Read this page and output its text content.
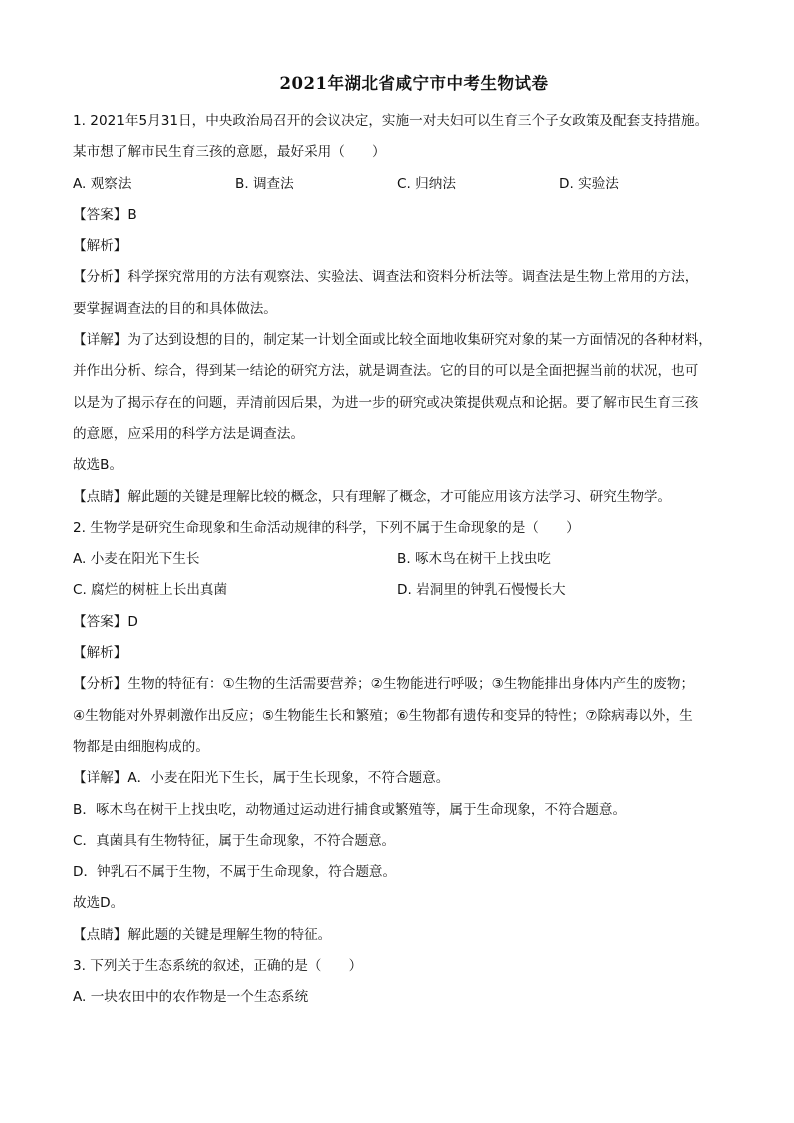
2021年湖北省咸宁市中考生物试卷
1. 2021年5月31日，中央政治局召开的会议决定，实施一对夫妇可以生育三个子女政策及配套支持措施。
某市想了解市民生育三孩的意愿，最好采用（　　）
A. 观察法	B. 调查法	C. 归纳法	D. 实验法
【答案】B
【解析】
【分析】科学探究常用的方法有观察法、实验法、调查法和资料分析法等。调查法是生物上常用的方法，
要掌握调查法的目的和具体做法。
【详解】为了达到设想的目的，制定某一计划全面或比较全面地收集研究对象的某一方面情况的各种材料，
并作出分析、综合，得到某一结论的研究方法，就是调查法。它的目的可以是全面把握当前的状况，也可
以是为了揭示存在的问题，弄清前因后果，为进一步的研究或决策提供观点和论据。要了解市民生育三孩
的意愿，应采用的科学方法是调查法。
故选B。
【点睛】解此题的关键是理解比较的概念，只有理解了概念，才可能应用该方法学习、研究生物学。
2. 生物学是研究生命现象和生命活动规律的科学，下列不属于生命现象的是（　　）
A. 小麦在阳光下生长	B. 啄木鸟在树干上找虫吃
C. 腐烂的树桩上长出真菌	D. 岩洞里的钟乳石慢慢长大
【答案】D
【解析】
【分析】生物的特征有：①生物的生活需要营养；②生物能进行呼吸；③生物能排出身体内产生的废物；
④生物能对外界刺激作出反应；⑤生物能生长和繁殖；⑥生物都有遗传和变异的特性；⑦除病毒以外，生
物都是由细胞构成的。
【详解】A．小麦在阳光下生长，属于生长现象，不符合题意。
B．啄木鸟在树干上找虫吃，动物通过运动进行捕食或繁殖等，属于生命现象，不符合题意。
C．真菌具有生物特征，属于生命现象，不符合题意。
D．钟乳石不属于生物，不属于生命现象，符合题意。
故选D。
【点睛】解此题的关键是理解生物的特征。
3. 下列关于生态系统的叙述，正确的是（　　）
A. 一块农田中的农作物是一个生态系统
